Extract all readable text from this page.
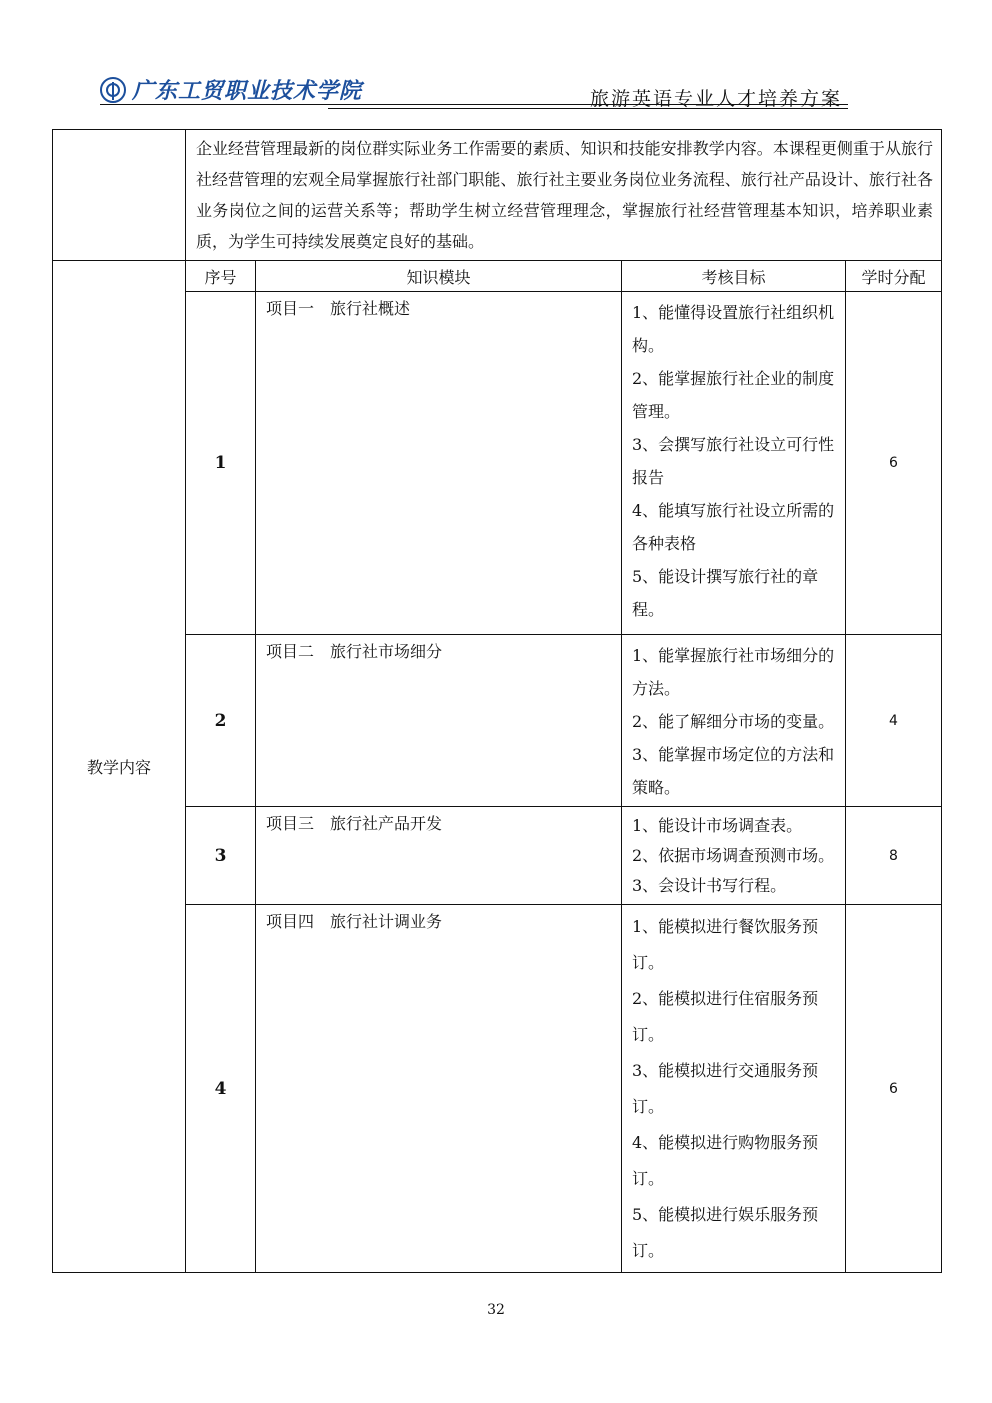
广东工贸职业技术学院	旅游英语专业人才培养方案
	企业经营管理最新的岗位群实际业务工作需要的素质、知识和技能安排教学内容。本课程更侧重于从旅行社经营管理的宏观全局掌握旅行社部门职能、旅行社主要业务岗位业务流程、旅行社产品设计、旅行社各业务岗位之间的运营关系等；帮助学生树立经营管理理念，掌握旅行社经营管理基本知识，培养职业素质，为学生可持续发展奠定良好的基础。			
教学内容	序号	知识模块	考核目标	学时分配
	1	项目一　旅行社概述	1、能懂得设置旅行社组织机构。

2、能掌握旅行社企业的制度管理。

3、会撰写旅行社设立可行性报告

4、能填写旅行社设立所需的各种表格

5、能设计撰写旅行社的章程。	6
	2	项目二　旅行社市场细分	1、能掌握旅行社市场细分的方法。

2、能了解细分市场的变量。

3、能掌握市场定位的方法和策略。	4
	3	项目三　旅行社产品开发	1、能设计市场调查表。

2、依据市场调查预测市场。

3、会设计书写行程。	8
	4	项目四　旅行社计调业务	1、能模拟进行餐饮服务预订。

2、能模拟进行住宿服务预订。

3、能模拟进行交通服务预订。

4、能模拟进行购物服务预订。

5、能模拟进行娱乐服务预订。	6
32
